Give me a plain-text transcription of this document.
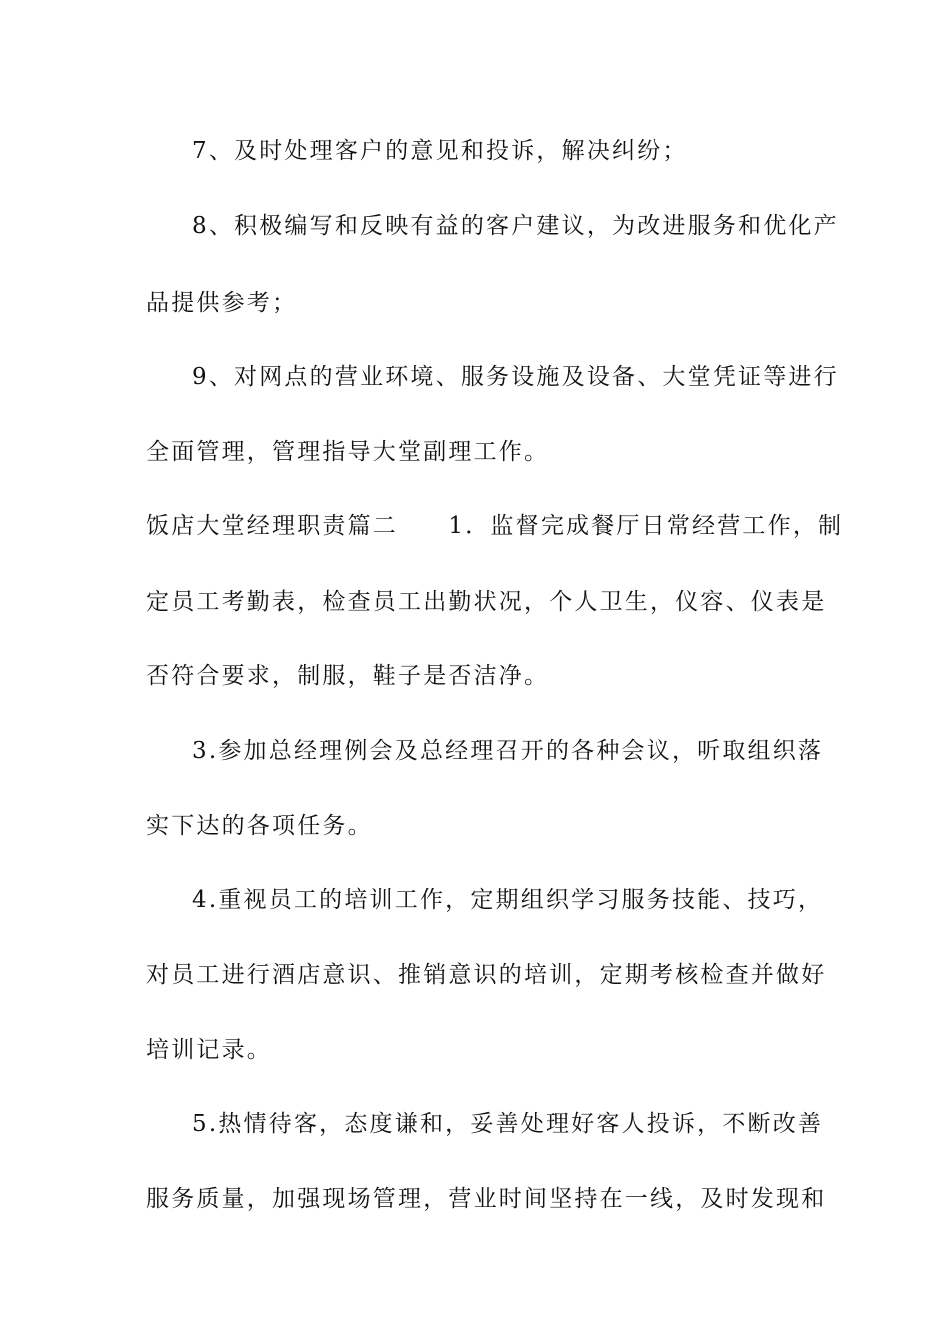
7、及时处理客户的意见和投诉，解决纠纷；
8、积极编写和反映有益的客户建议，为改进服务和优化产
品提供参考；
9、对网点的营业环境、服务设施及设备、大堂凭证等进行
全面管理，管理指导大堂副理工作。
饭店大堂经理职责篇二　　1．监督完成餐厅日常经营工作，制
定员工考勤表，检查员工出勤状况，个人卫生，仪容、仪表是
否符合要求，制服，鞋子是否洁净。
3.参加总经理例会及总经理召开的各种会议，听取组织落
实下达的各项任务。
4.重视员工的培训工作，定期组织学习服务技能、技巧，
对员工进行酒店意识、推销意识的培训，定期考核检查并做好
培训记录。
5.热情待客，态度谦和，妥善处理好客人投诉，不断改善
服务质量，加强现场管理，营业时间坚持在一线，及时发现和
